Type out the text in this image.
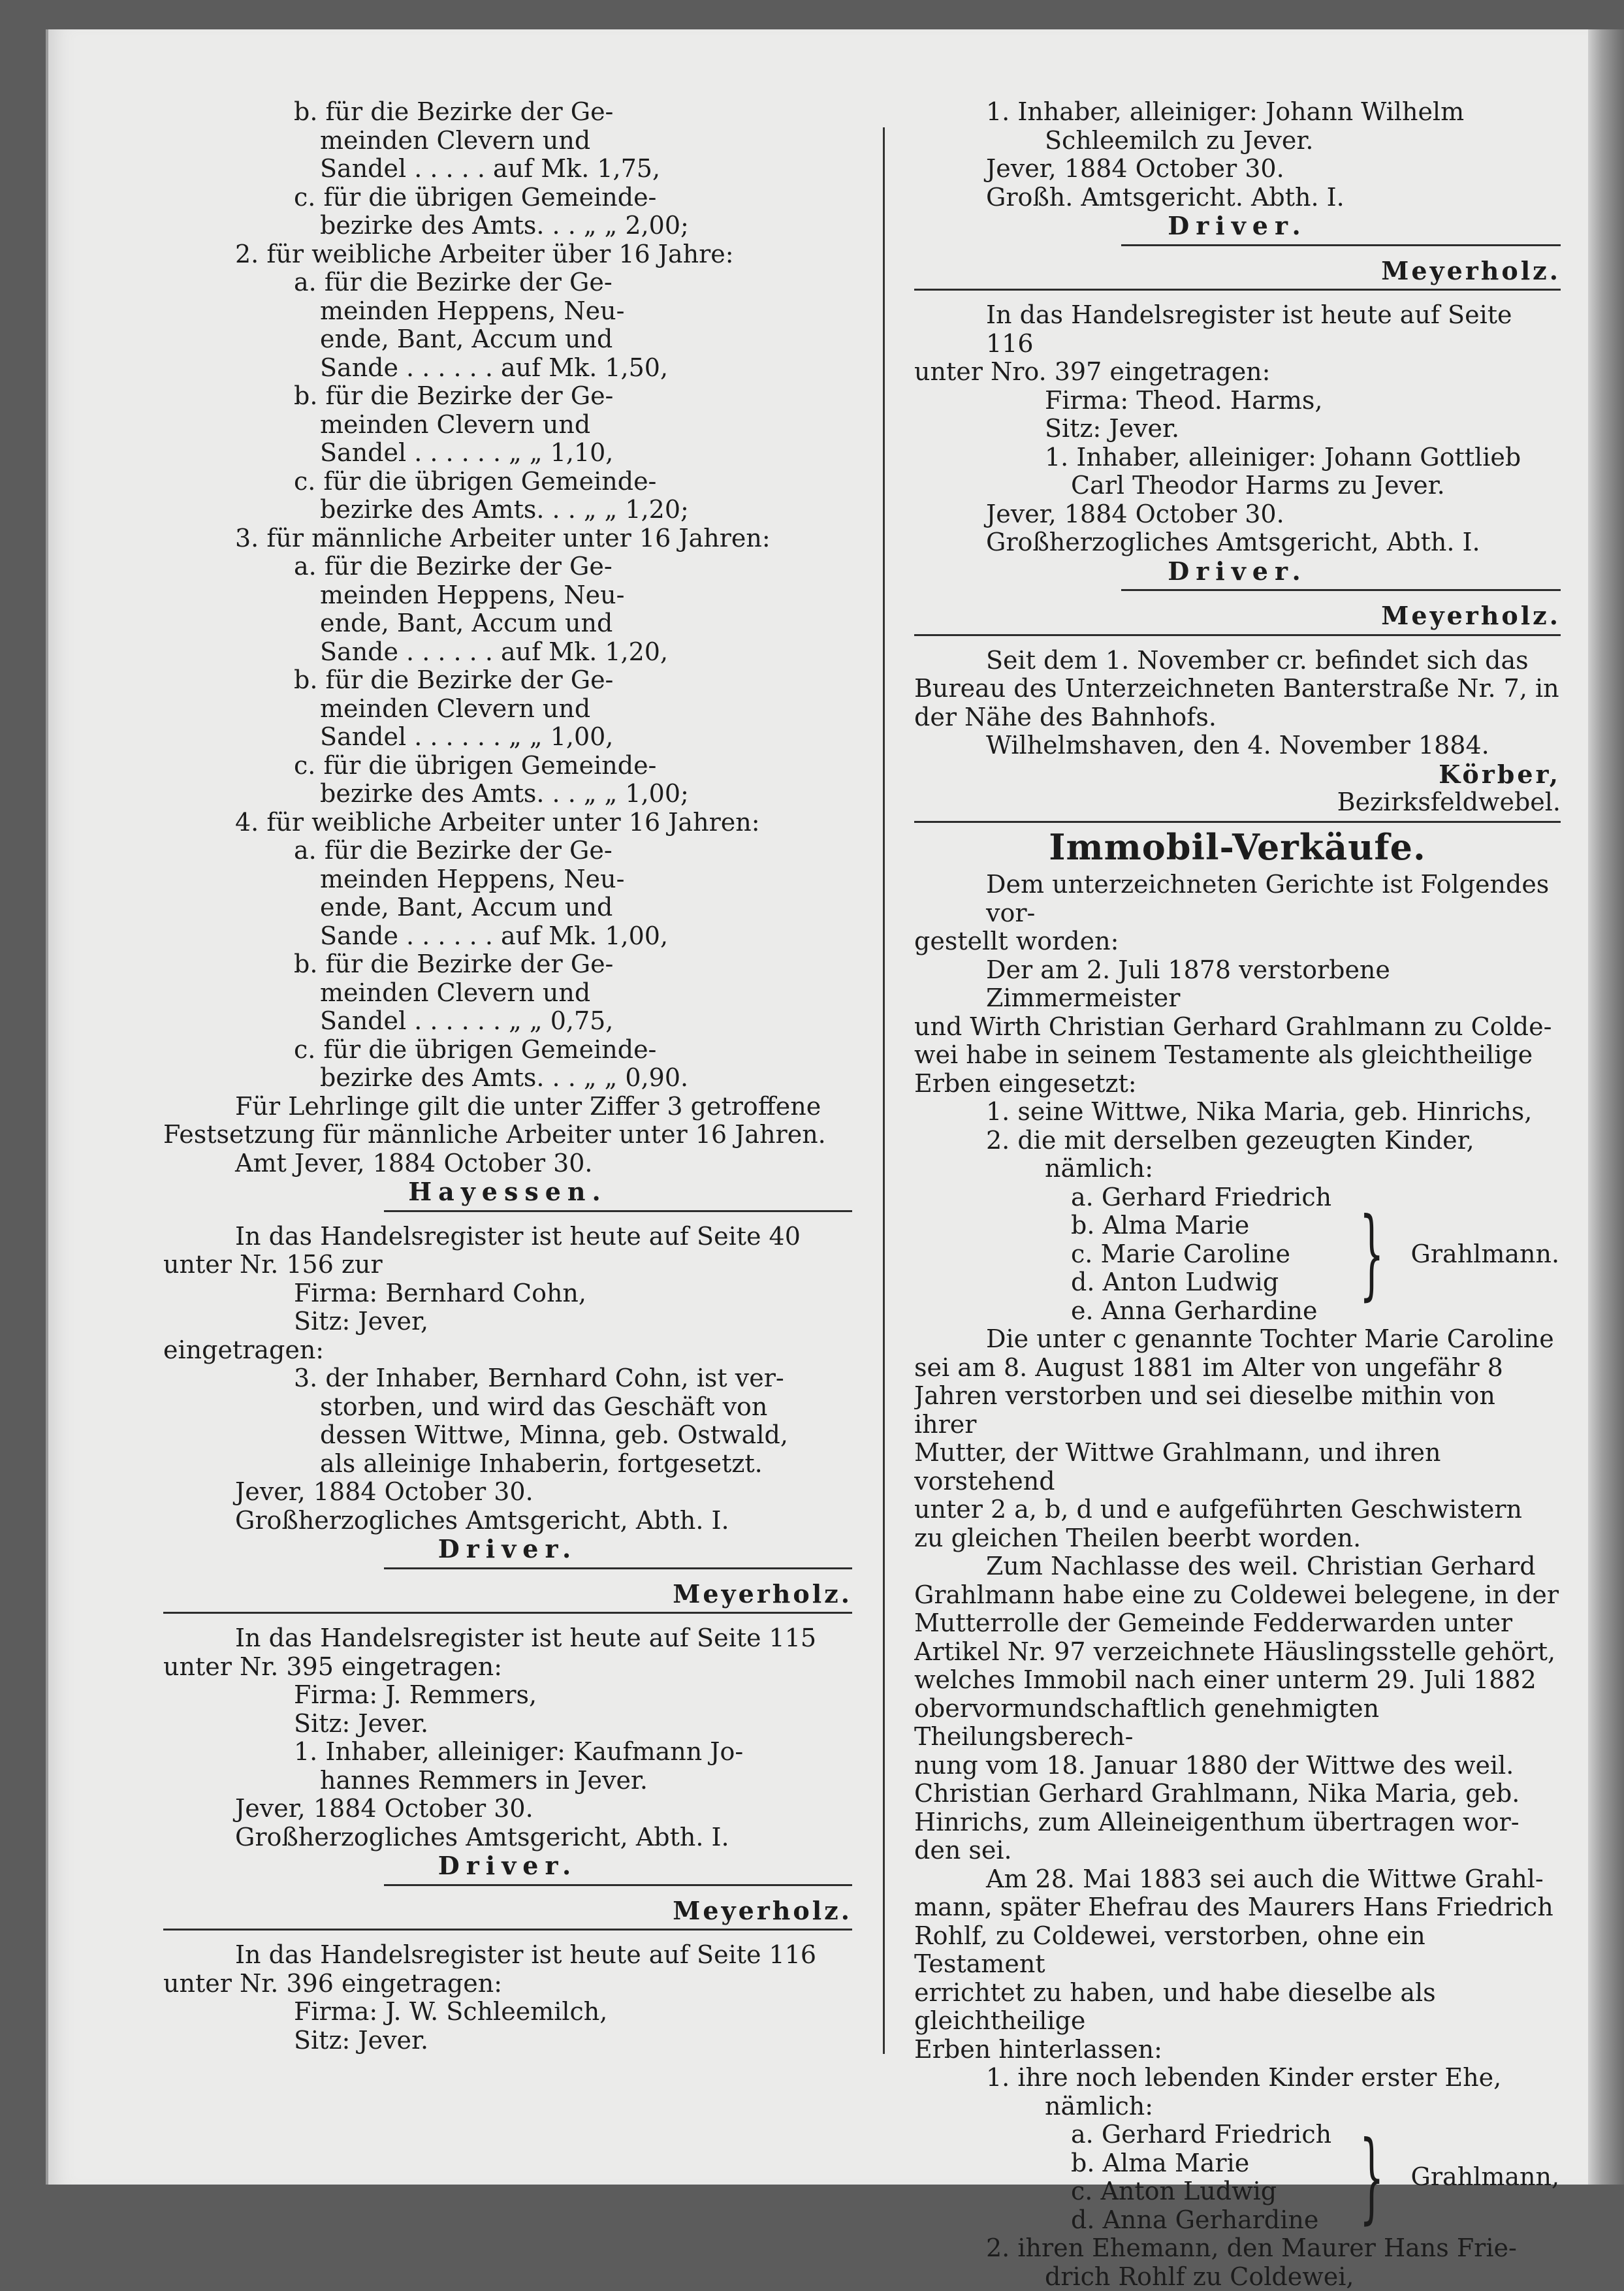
b. für die Bezirke der Ge-

meinden Clevern und

Sandel . . . . . auf Mk. 1,75,

c. für die übrigen Gemeinde-

bezirke des Amts. . . „ „ 2,00;

2. für weibliche Arbeiter über 16 Jahre:

a. für die Bezirke der Ge-

meinden Heppens, Neu-

ende, Bant, Accum und

Sande . . . . . . auf Mk. 1,50,

b. für die Bezirke der Ge-

meinden Clevern und

Sandel . . . . . . „ „ 1,10,

c. für die übrigen Gemeinde-

bezirke des Amts. . . „ „ 1,20;

3. für männliche Arbeiter unter 16 Jahren:

a. für die Bezirke der Ge-

meinden Heppens, Neu-

ende, Bant, Accum und

Sande . . . . . . auf Mk. 1,20,

b. für die Bezirke der Ge-

meinden Clevern und

Sandel . . . . . . „ „ 1,00,

c. für die übrigen Gemeinde-

bezirke des Amts. . . „ „ 1,00;

4. für weibliche Arbeiter unter 16 Jahren:

a. für die Bezirke der Ge-

meinden Heppens, Neu-

ende, Bant, Accum und

Sande . . . . . . auf Mk. 1,00,

b. für die Bezirke der Ge-

meinden Clevern und

Sandel . . . . . . „ „ 0,75,

c. für die übrigen Gemeinde-

bezirke des Amts. . . „ „ 0,90.

Für Lehrlinge gilt die unter Ziffer 3 getroffene

Festsetzung für männliche Arbeiter unter 16 Jahren.

Amt Jever, 1884 October 30.

Hayessen.

In das Handelsregister ist heute auf Seite 40

unter Nr. 156 zur

Firma: Bernhard Cohn,

Sitz: Jever,

eingetragen:

3. der Inhaber, Bernhard Cohn, ist ver-

storben, und wird das Geschäft von

dessen Wittwe, Minna, geb. Ostwald,

als alleinige Inhaberin, fortgesetzt.

Jever, 1884 October 30.

Großherzogliches Amtsgericht, Abth. I.

Driver.

Meyerholz.

In das Handelsregister ist heute auf Seite 115

unter Nr. 395 eingetragen:

Firma: J. Remmers,

Sitz: Jever.

1. Inhaber, alleiniger: Kaufmann Jo-

hannes Remmers in Jever.

Jever, 1884 October 30.

Großherzogliches Amtsgericht, Abth. I.

Driver.

Meyerholz.

In das Handelsregister ist heute auf Seite 116

unter Nr. 396 eingetragen:

Firma: J. W. Schleemilch,

Sitz: Jever.

1. Inhaber, alleiniger: Johann Wilhelm

Schleemilch zu Jever.

Jever, 1884 October 30.

Großh. Amtsgericht. Abth. I.

Driver.

Meyerholz.

In das Handelsregister ist heute auf Seite 116

unter Nro. 397 eingetragen:

Firma: Theod. Harms,

Sitz: Jever.

1. Inhaber, alleiniger: Johann Gottlieb

Carl Theodor Harms zu Jever.

Jever, 1884 October 30.

Großherzogliches Amtsgericht, Abth. I.

Driver.

Meyerholz.

Seit dem 1. November cr. befindet sich das

Bureau des Unterzeichneten Banterstraße Nr. 7, in

der Nähe des Bahnhofs.

Wilhelmshaven, den 4. November 1884.

Körber,

Bezirksfeldwebel.

Immobil-Verkäufe.

Dem unterzeichneten Gerichte ist Folgendes vor-

gestellt worden:

Der am 2. Juli 1878 verstorbene Zimmermeister

und Wirth Christian Gerhard Grahlmann zu Colde-

wei habe in seinem Testamente als gleichtheilige

Erben eingesetzt:

1. seine Wittwe, Nika Maria, geb. Hinrichs,

2. die mit derselben gezeugten Kinder,

nämlich:

a. Gerhard Friedrich

b. Alma Marie

c. Marie Caroline

d. Anton Ludwig

e. Anna Gerhardine } Grahlmann.

Die unter c genannte Tochter Marie Caroline

sei am 8. August 1881 im Alter von ungefähr 8

Jahren verstorben und sei dieselbe mithin von ihrer

Mutter, der Wittwe Grahlmann, und ihren vorstehend

unter 2 a, b, d und e aufgeführten Geschwistern

zu gleichen Theilen beerbt worden.

Zum Nachlasse des weil. Christian Gerhard

Grahlmann habe eine zu Coldewei belegene, in der

Mutterrolle der Gemeinde Fedderwarden unter

Artikel Nr. 97 verzeichnete Häuslingsstelle gehört,

welches Immobil nach einer unterm 29. Juli 1882

obervormundschaftlich genehmigten Theilungsberech-

nung vom 18. Januar 1880 der Wittwe des weil.

Christian Gerhard Grahlmann, Nika Maria, geb.

Hinrichs, zum Alleineigenthum übertragen wor-

den sei.

Am 28. Mai 1883 sei auch die Wittwe Grahl-

mann, später Ehefrau des Maurers Hans Friedrich

Rohlf, zu Coldewei, verstorben, ohne ein Testament

errichtet zu haben, und habe dieselbe als gleichtheilige

Erben hinterlassen:

1. ihre noch lebenden Kinder erster Ehe,

nämlich:

a. Gerhard Friedrich

b. Alma Marie

c. Anton Ludwig

d. Anna Gerhardine } Grahlmann,

2. ihren Ehemann, den Maurer Hans Frie-

drich Rohlf zu Coldewei,
